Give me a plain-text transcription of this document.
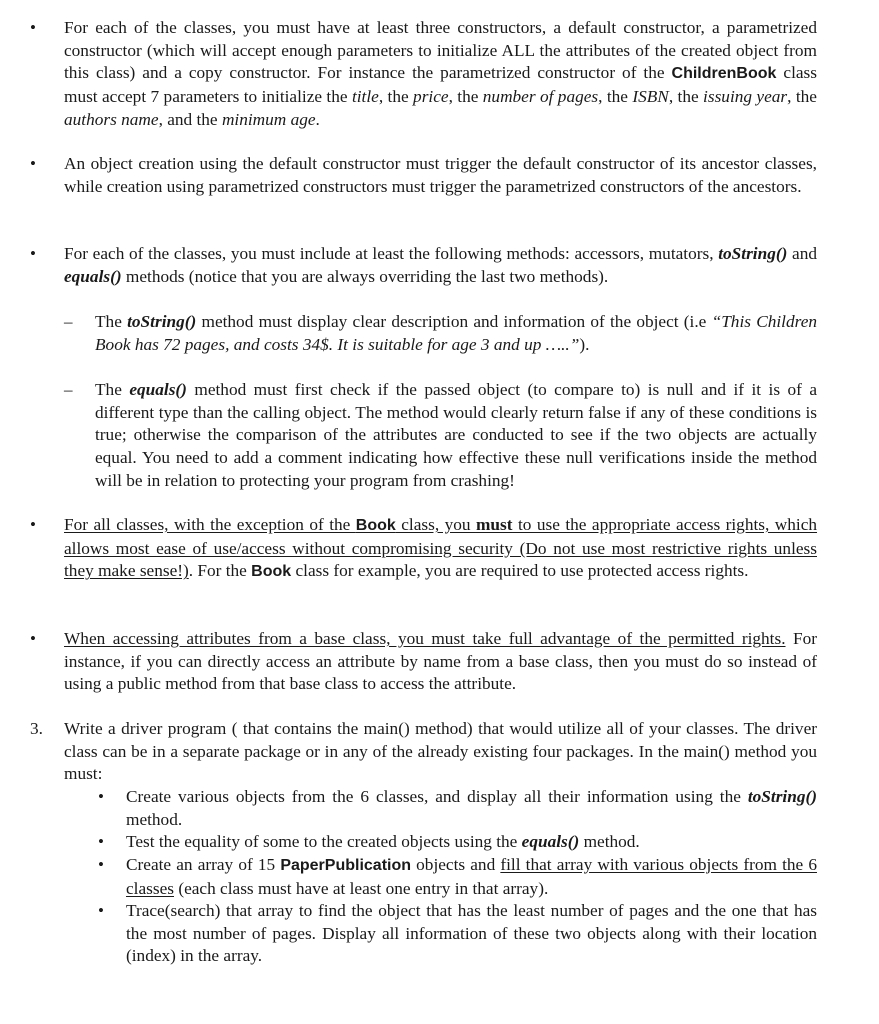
• For each of the classes, you must have at least three constructors, a default constructor, a parametrized constructor (which will accept enough parameters to initialize ALL the attributes of the created object from this class) and a copy constructor. For instance the parametrized constructor of the ChildrenBook class must accept 7 parameters to initialize the title, the price, the number of pages, the ISBN, the issuing year, the authors name, and the minimum age.

• An object creation using the default constructor must trigger the default constructor of its ancestor classes, while creation using parametrized constructors must trigger the parametrized constructors of the ancestors.

• For each of the classes, you must include at least the following methods: accessors, mutators, toString() and equals() methods (notice that you are always overriding the last two methods).

– The toString() method must display clear description and information of the object (i.e “This Children Book has 72 pages, and costs 34$. It is suitable for age 3 and up …..”).

– The equals() method must first check if the passed object (to compare to) is null and if it is of a different type than the calling object. The method would clearly return false if any of these conditions is true; otherwise the comparison of the attributes are conducted to see if the two objects are actually equal. You need to add a comment indicating how effective these null verifications inside the method will be in relation to protecting your program from crashing!

• For all classes, with the exception of the Book class, you must to use the appropriate access rights, which allows most ease of use/access without compromising security (Do not use most restrictive rights unless they make sense!). For the Book class for example, you are required to use protected access rights.

• When accessing attributes from a base class, you must take full advantage of the permitted rights. For instance, if you can directly access an attribute by name from a base class, then you must do so instead of using a public method from that base class to access the attribute.

3. Write a driver program ( that contains the main() method) that would utilize all of your classes. The driver class can be in a separate package or in any of the already existing four packages. In the main() method you must:

• Create various objects from the 6 classes, and display all their information using the toString() method.

• Test the equality of some to the created objects using the equals() method.

• Create an array of 15 PaperPublication objects and fill that array with various objects from the 6 classes (each class must have at least one entry in that array).

• Trace(search) that array to find the object that has the least number of pages and the one that has the most number of pages. Display all information of these two objects along with their location (index) in the array.
